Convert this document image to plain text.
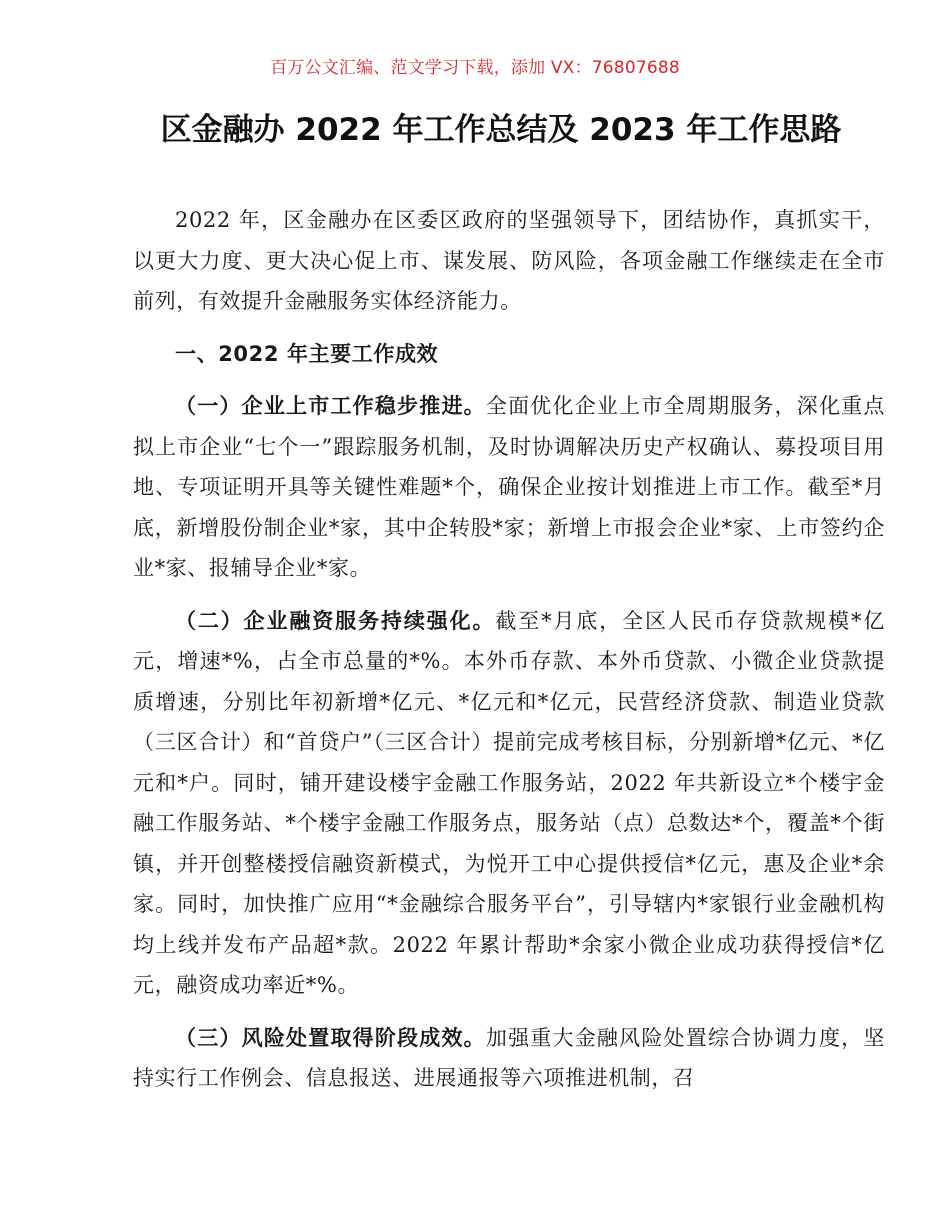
百万公文汇编、范文学习下载，添加 VX：76807688
区金融办 2022 年工作总结及 2023 年工作思路

2022 年，区金融办在区委区政府的坚强领导下，团结协作，真抓实干，以更大力度、更大决心促上市、谋发展、防风险，各项金融工作继续走在全市前列，有效提升金融服务实体经济能力。

一、2022 年主要工作成效

（一）企业上市工作稳步推进。全面优化企业上市全周期服务，深化重点拟上市企业“七个一”跟踪服务机制，及时协调解决历史产权确认、募投项目用地、专项证明开具等关键性难题*个，确保企业按计划推进上市工作。截至*月底，新增股份制企业*家，其中企转股*家；新增上市报会企业*家、上市签约企业*家、报辅导企业*家。

（二）企业融资服务持续强化。截至*月底，全区人民币存贷款规模*亿元，增速*%，占全市总量的*%。本外币存款、本外币贷款、小微企业贷款提质增速，分别比年初新增*亿元、*亿元和*亿元，民营经济贷款、制造业贷款（三区合计）和“首贷户”（三区合计）提前完成考核目标，分别新增*亿元、*亿元和*户。同时，铺开建设楼宇金融工作服务站，2022 年共新设立*个楼宇金融工作服务站、*个楼宇金融工作服务点，服务站（点）总数达*个，覆盖*个街镇，并开创整楼授信融资新模式，为悦开工中心提供授信*亿元，惠及企业*余家。同时，加快推广应用“*金融综合服务平台”，引导辖内*家银行业金融机构均上线并发布产品超*款。2022 年累计帮助*余家小微企业成功获得授信*亿元，融资成功率近*%。

（三）风险处置取得阶段成效。加强重大金融风险处置综合协调力度，坚持实行工作例会、信息报送、进展通报等六项推进机制，召
